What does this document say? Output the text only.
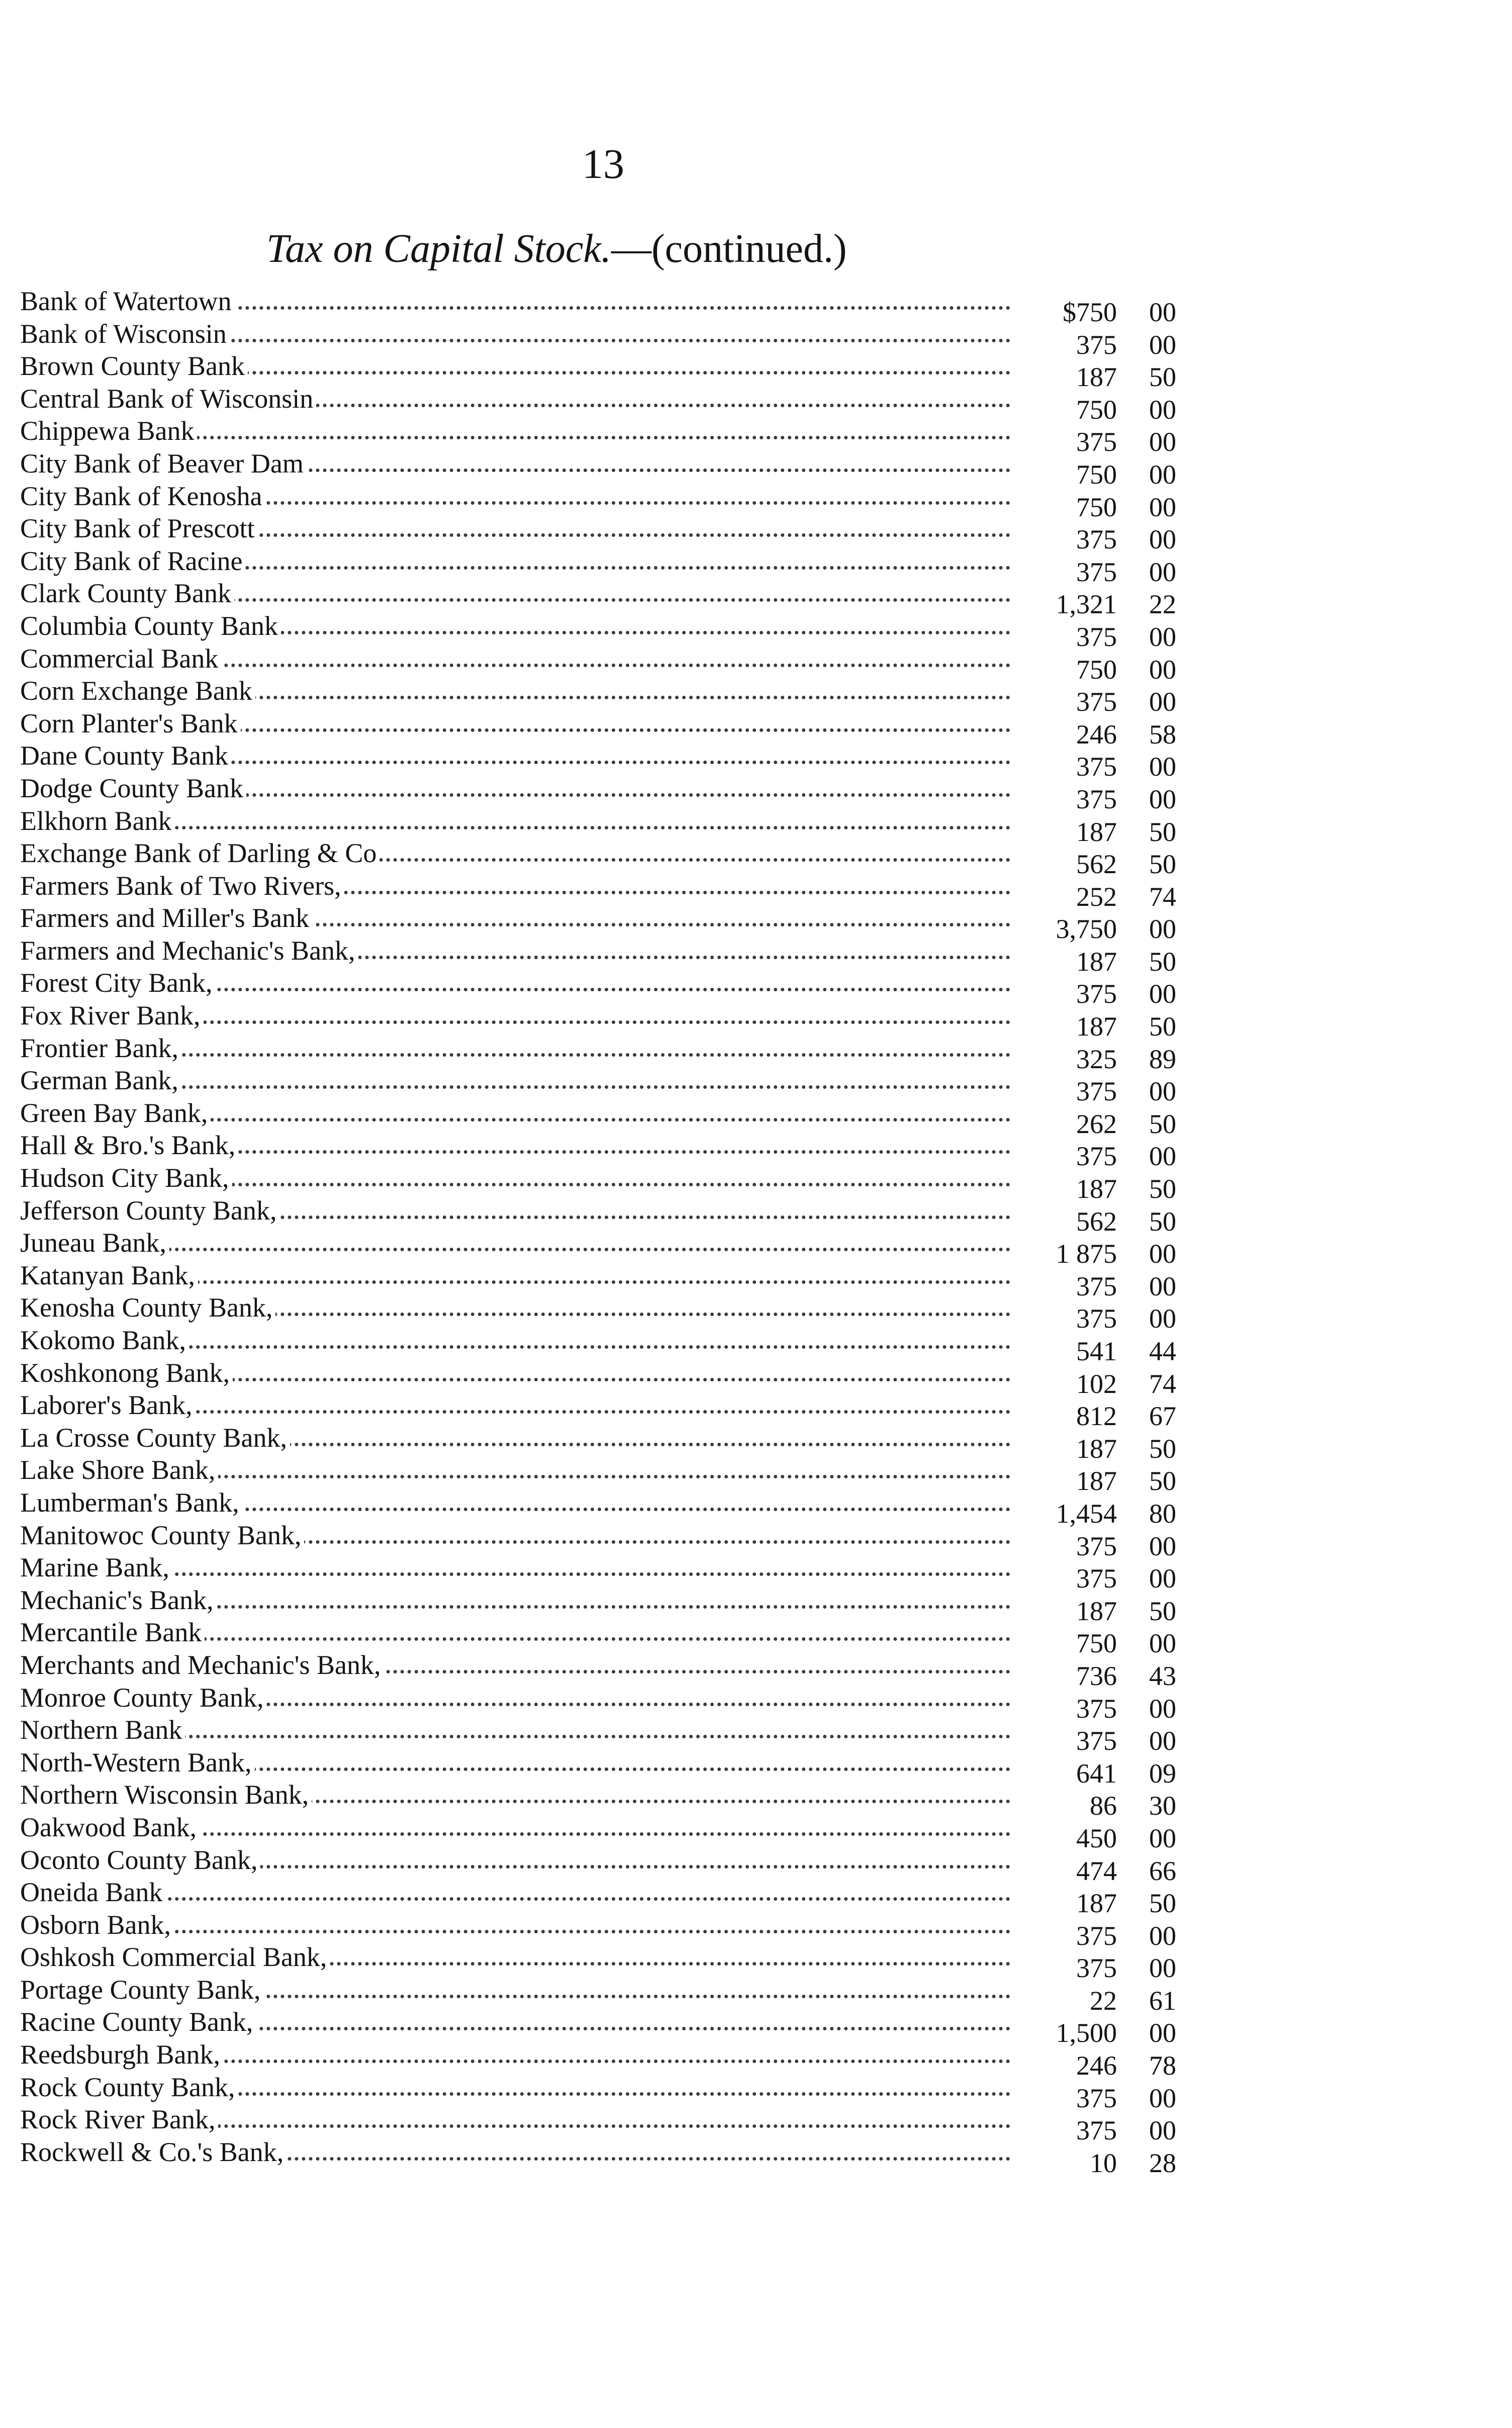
13
Tax on Capital Stock.—(continued.)
Bank of Watertown	$750 00
Bank of Wisconsin	375 00
Brown County Bank	187 50
Central Bank of Wisconsin	750 00
Chippewa Bank	375 00
City Bank of Beaver Dam	750 00
City Bank of Kenosha	750 00
City Bank of Prescott	375 00
City Bank of Racine	375 00
Clark County Bank	1,321 22
Columbia County Bank	375 00
Commercial Bank	750 00
Corn Exchange Bank	375 00
Corn Planter's Bank	246 58
Dane County Bank	375 00
Dodge County Bank	375 00
Elkhorn Bank	187 50
Exchange Bank of Darling & Co	562 50
Farmers Bank of Two Rivers,	252 74
Farmers and Miller's Bank	3,750 00
Farmers and Mechanic's Bank,	187 50
Forest City Bank,	375 00
Fox River Bank,	187 50
Frontier Bank,	325 89
German Bank,	375 00
Green Bay Bank,	262 50
Hall & Bro.'s Bank,	375 00
Hudson City Bank,	187 50
Jefferson County Bank,	562 50
Juneau Bank,	1 875 00
Katanyan Bank,	375 00
Kenosha County Bank,	375 00
Kokomo Bank,	541 44
Koshkonong Bank,	102 74
Laborer's Bank,	812 67
La Crosse County Bank,	187 50
Lake Shore Bank,	187 50
Lumberman's Bank,	1,454 80
Manitowoc County Bank,	375 00
Marine Bank,	375 00
Mechanic's Bank,	187 50
Mercantile Bank	750 00
Merchants and Mechanic's Bank,	736 43
Monroe County Bank,	375 00
Northern Bank	375 00
North-Western Bank,	641 09
Northern Wisconsin Bank,	86 30
Oakwood Bank,	450 00
Oconto County Bank,	474 66
Oneida Bank	187 50
Osborn Bank,	375 00
Oshkosh Commercial Bank,	375 00
Portage County Bank,	22 61
Racine County Bank,	1,500 00
Reedsburgh Bank,	246 78
Rock County Bank,	375 00
Rock River Bank,	375 00
Rockwell & Co.'s Bank,	10 28
